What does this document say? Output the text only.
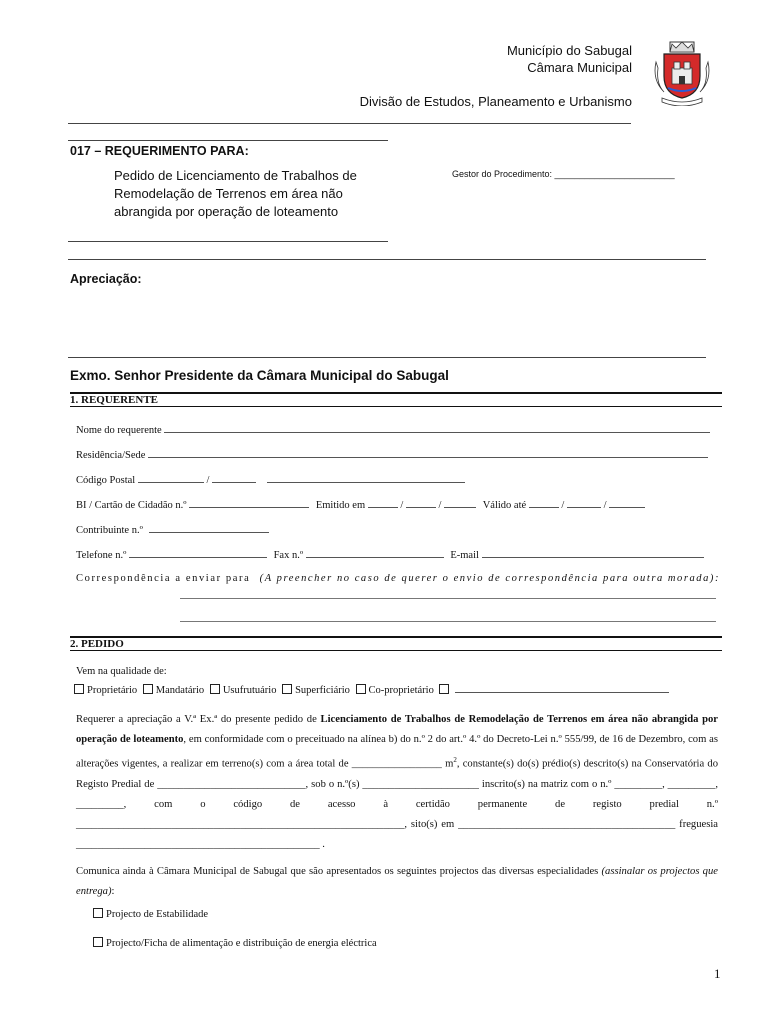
Município do Sabugal
Câmara Municipal
Divisão de Estudos, Planeamento e Urbanismo
017 – REQUERIMENTO PARA:
Pedido de Licenciamento de Trabalhos de
Remodelação de Terrenos em área não
abrangida por operação de loteamento
Gestor do Procedimento: ________________________
Apreciação:
Exmo. Senhor Presidente da Câmara Municipal do Sabugal
1. REQUERENTE
Nome do requerente
Residência/Sede
Código Postal	/
BI / Cartão de Cidadão n.º	Emitido em	/	/	Válido até	/	/
Contribuinte n.º
Telefone n.º	Fax n.º	E-mail
Correspondência a enviar para (A preencher no caso de querer o envio de correspondência para outra morada):
2. PEDIDO
Vem na qualidade de:
Proprietário Mandatário Usufrutuário Superficiário Co-proprietário
Requerer a apreciação a V.ª Ex.ª do presente pedido de Licenciamento de Trabalhos de Remodelação de Terrenos em área não abrangida por operação de loteamento, em conformidade com o preceituado na alínea b) do n.º 2 do art.º 4.º do Decreto-Lei n.º 555/99, de 16 de Dezembro, com as alterações vigentes, a realizar em terreno(s) com a área total de _________________ $m^2$, constante(s) do(s) prédio(s) descrito(s) na Conservatória do Registo Predial de ____________________________, sob o n.º(s) ______________________ inscrito(s) na matriz com o n.º _________, _________, _________, com o código de acesso à certidão permanente de registo predial n.º ______________________________________________________________, sito(s) em _________________________________________ freguesia ______________________________________________ .
Comunica ainda à Câmara Municipal de Sabugal que são apresentados os seguintes projectos das diversas especialidades (assinalar os projectos que entrega):
Projecto de Estabilidade
Projecto/Ficha de alimentação e distribuição de energia eléctrica
1
